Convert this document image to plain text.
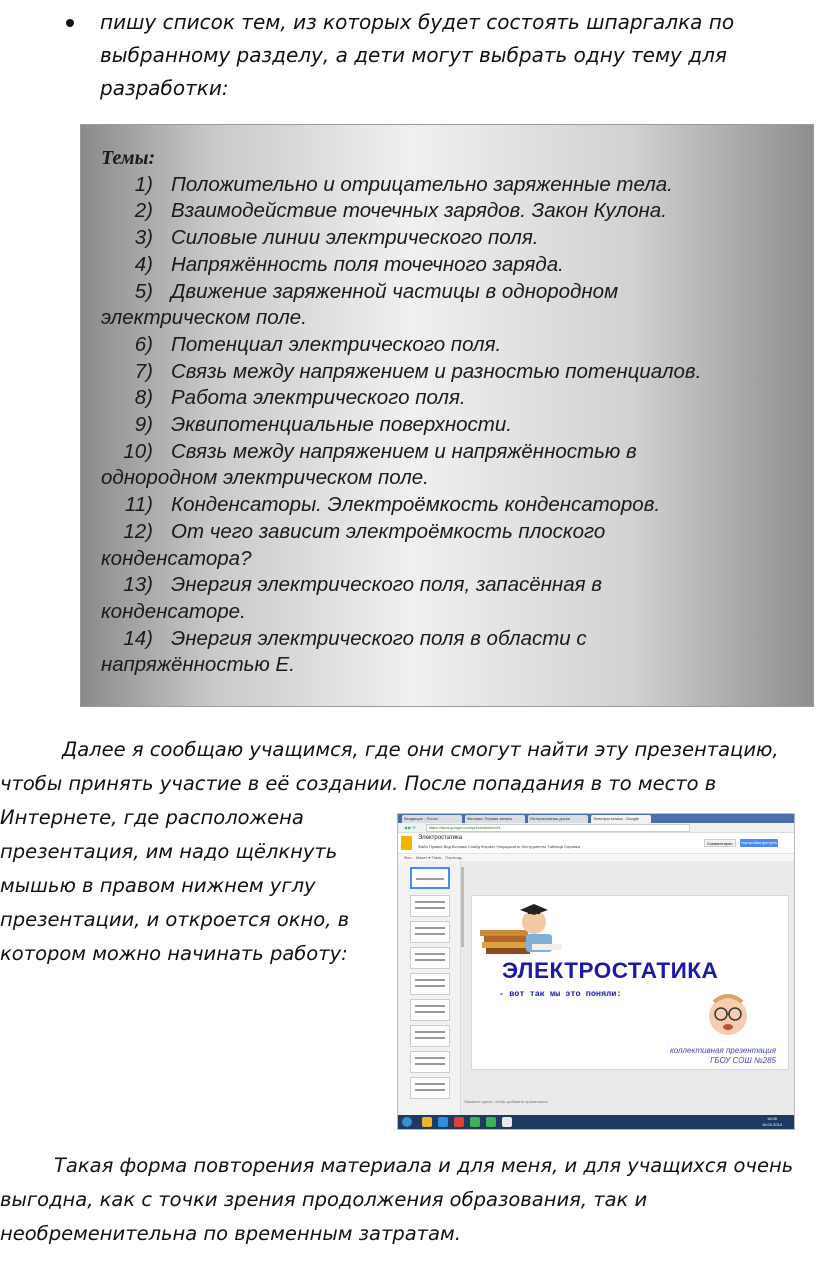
пишу список тем, из которых будет состоять шпаргалка по выбранному разделу, а дети могут выбрать одну тему для разработки:
Темы:
1) Положительно и отрицательно заряженные тела.
2) Взаимодействие точечных зарядов. Закон Кулона.
3) Силовые линии электрического поля.
4) Напряжённость поля точечного заряда.
5) Движение заряженной частицы в однородном
электрическом поле.
6) Потенциал электрического поля.
7) Связь между напряжением и разностью потенциалов.
8) Работа электрического поля.
9) Эквипотенциальные поверхности.
10) Связь между напряжением и напряжённостью в
однородном электрическом поле.
11) Конденсаторы. Электроёмкость конденсаторов.
12) От чего зависит электроёмкость плоского
конденсатора?
13) Энергия электрического поля, запасённая в
конденсаторе.
14) Энергия электрического поля в области с
напряжённостью Е.
Далее я сообщаю учащимся, где они смогут найти эту презентацию,
чтобы принять участие в её создании. После попадания в то место в
Интернете, где расположена
презентация, им надо щёлкнуть
мышью в правом нижнем углу
презентации, и откроется окно, в
котором можно начинать работу:
Входящие - Почта	Фильмы: Первая запись	Интерактивная доска	Электростатика - Google
◀ ▶ ⟳	https://docs.google.com/presentation/d/1
Электростатика
Файл Правка Вид Вставка Слайд Формат Упорядочить Инструменты Таблица Справка
Комментарии	Настройки доступа
Фон... Макет ▾ Тема... Переход...
ЭЛЕКТРОСТАТИКА
- вот так мы это поняли:
коллективная презентация
ГБОУ СОШ №285
Нажмите здесь, чтобы добавить примечания
16:06
16.02.2014
Такая форма повторения материала и для меня, и для учащихся очень
выгодна, как с точки зрения продолжения образования, так и
необременительна по временным затратам.
